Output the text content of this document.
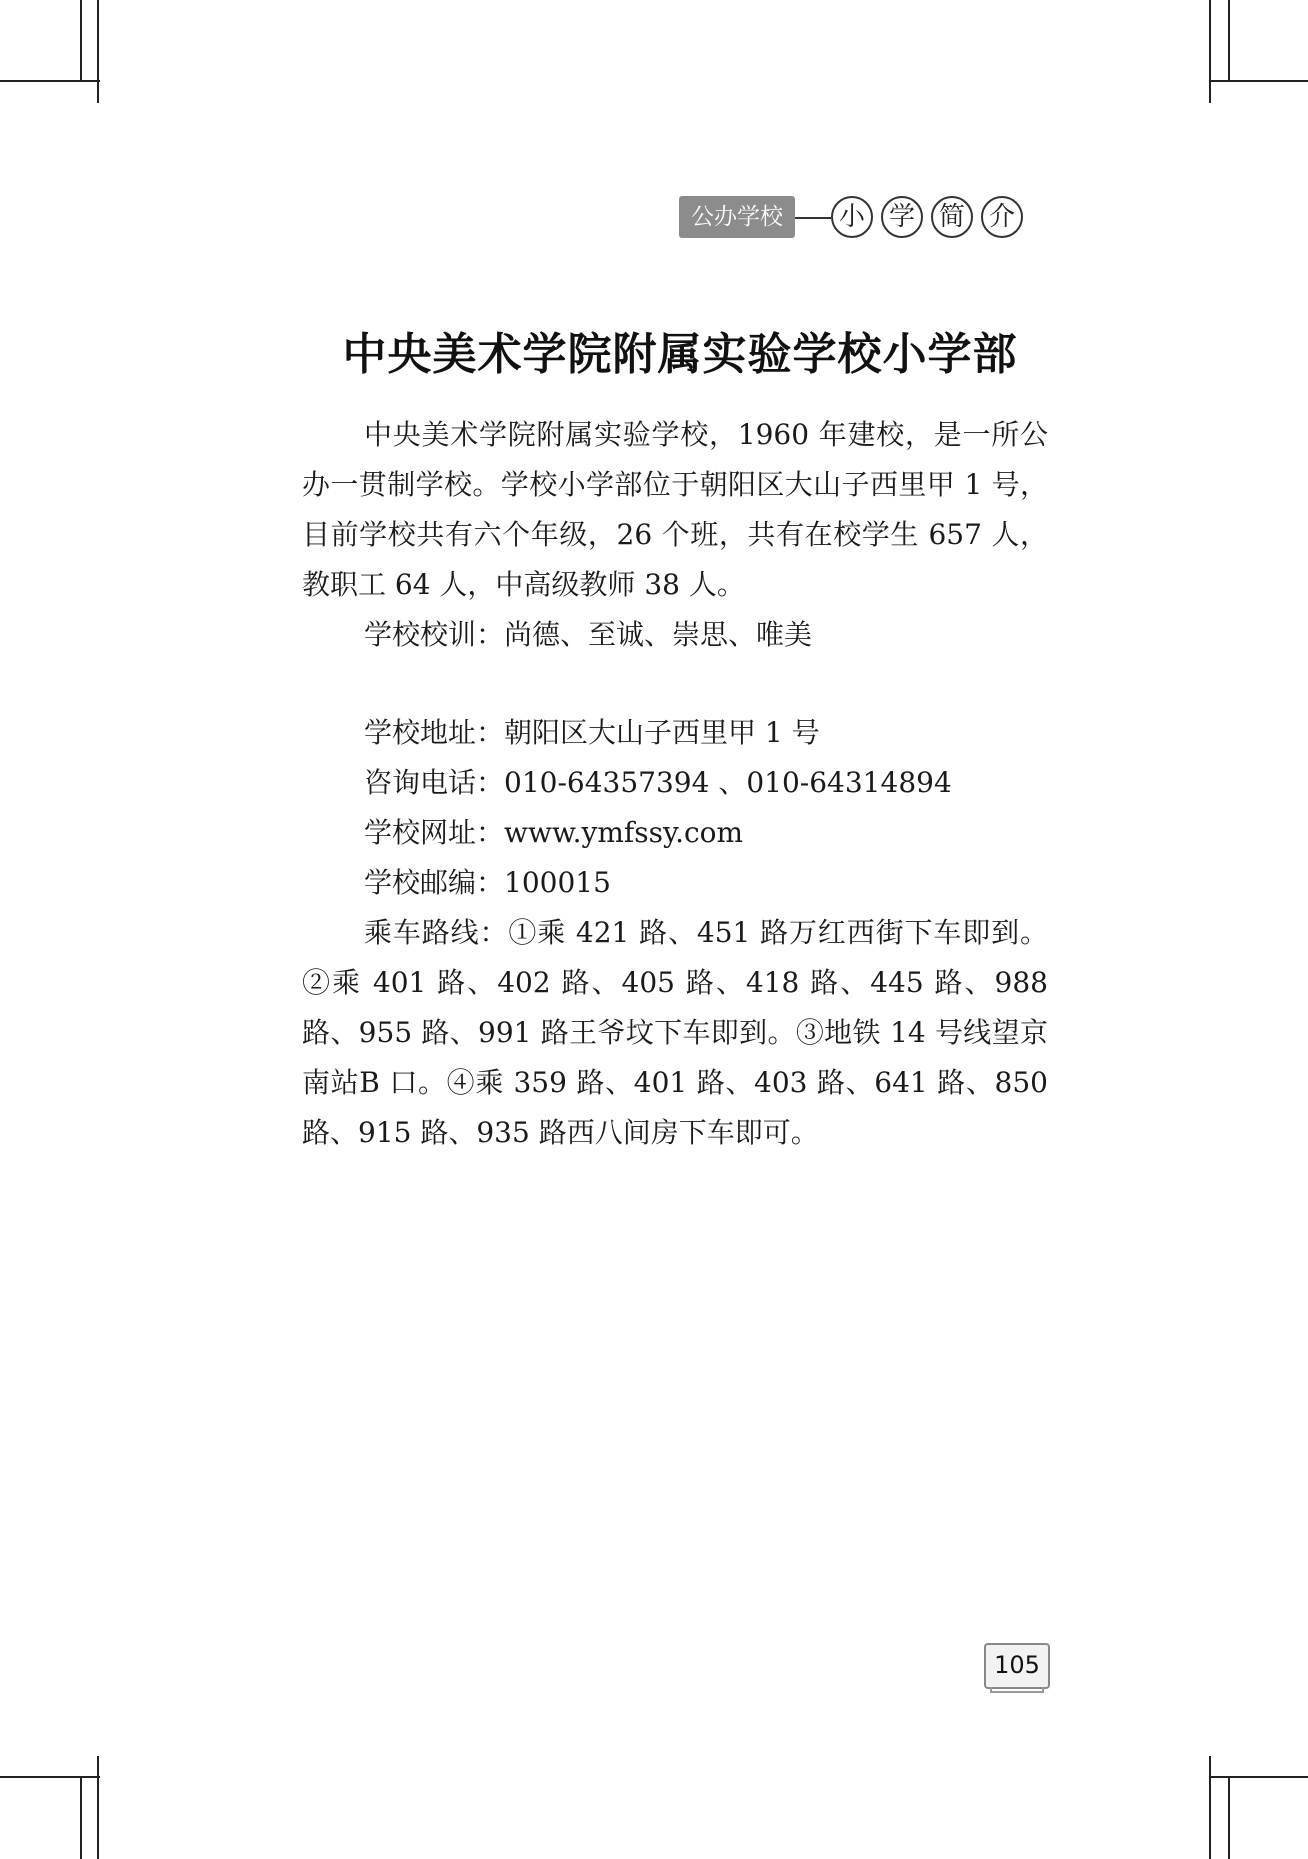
公办学校	小 学 简 介
中央美术学院附属实验学校小学部

中央美术学院附属实验学校，1960 年建校，是一所公办一贯制学校。学校小学部位于朝阳区大山子西里甲 1 号，目前学校共有六个年级，26 个班，共有在校学生 657 人，教职工 64 人，中高级教师 38 人。

学校校训：尚德、至诚、崇思、唯美

学校地址：朝阳区大山子西里甲 1 号

咨询电话：010-64357394 、010-64314894

学校网址：www.ymfssy.com

学校邮编：100015

乘车路线：①乘 421 路、451 路万红西街下车即到。②乘 401 路、402 路、405 路、418 路、445 路、988 路、955 路、991 路王爷坟下车即到。③地铁 14 号线望京南站B 口。④乘 359 路、401 路、403 路、641 路、850 路、915 路、935 路西八间房下车即可。

105
